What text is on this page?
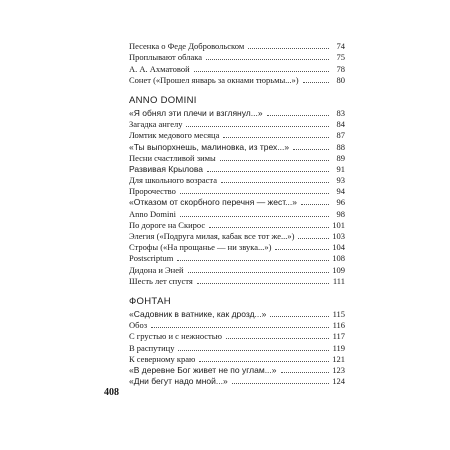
408
Песенка о Феде Добровольском	74
Проплывают облака	75
А. А. Ахматовой	78
Сонет («Прошел январь за окнами тюрьмы...»)	80
ANNO DOMINI
«Я обнял эти плечи и взглянул...»	83
Загадка ангелу	84
Ломтик медового месяца	87
«Ты выпорхнешь, малиновка, из трех...»	88
Песни счастливой зимы	89
Развивая Крылова	91
Для школьного возраста	93
Пророчество	94
«Отказом от скорбного перечня — жест...»	96
Anno Domini	98
По дороге на Скирос	101
Элегия («Подруга милая, кабак все тот же...»)	103
Строфы («На прощанье — ни звука...»)	104
Postscriptum	108
Дидона и Эней	109
Шесть лет спустя	111
ФОНТАН
«Садовник в ватнике, как дрозд...»	115
Обоз	116
С грустью и с нежностью	117
В распутицу	119
К северному краю	121
«В деревне Бог живет не по углам...»	123
«Дни бегут надо мной...»	124
